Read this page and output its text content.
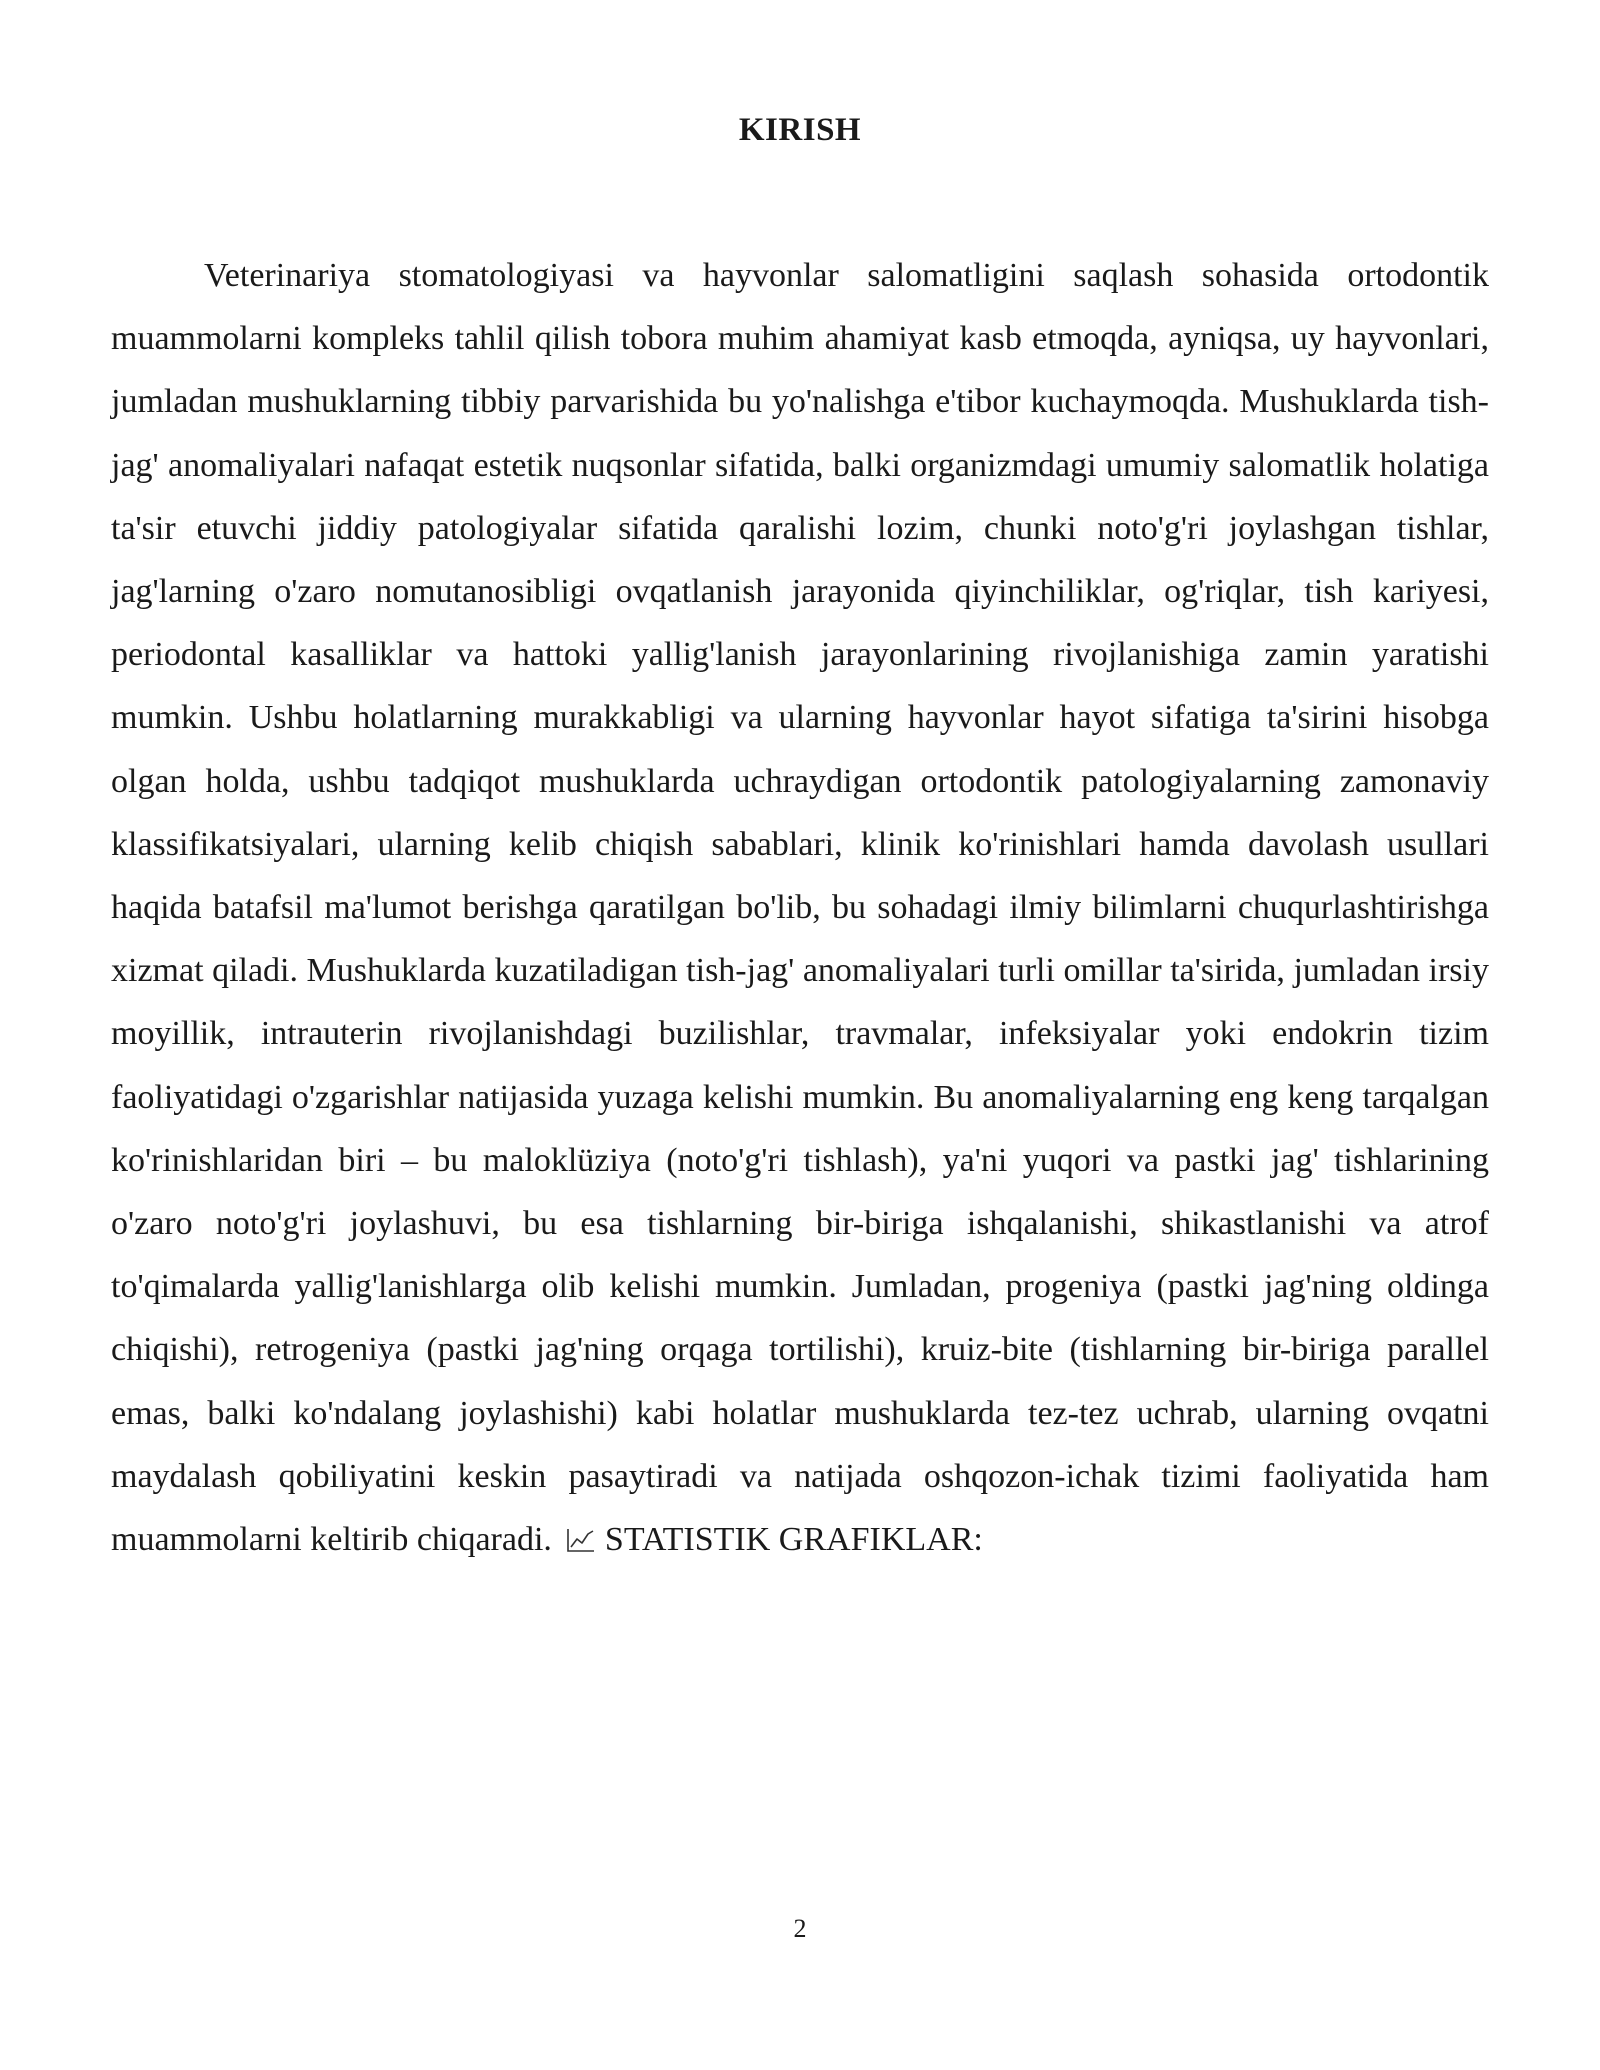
KIRISH

Veterinariya stomatologiyasi va hayvonlar salomatligini saqlash sohasida ortodontik muammolarni kompleks tahlil qilish tobora muhim ahamiyat kasb etmoqda, ayniqsa, uy hayvonlari, jumladan mushuklarning tibbiy parvarishida bu yo'nalishga e'tibor kuchaymoqda. Mushuklarda tish-jag' anomaliyalari nafaqat estetik nuqsonlar sifatida, balki organizmdagi umumiy salomatlik holatiga ta'sir etuvchi jiddiy patologiyalar sifatida qaralishi lozim, chunki noto'g'ri joylashgan tishlar, jag'larning o'zaro nomutanosibligi ovqatlanish jarayonida qiyinchiliklar, og'riqlar, tish kariyesi, periodontal kasalliklar va hattoki yallig'lanish jarayonlarining rivojlanishiga zamin yaratishi mumkin. Ushbu holatlarning murakkabligi va ularning hayvonlar hayot sifatiga ta'sirini hisobga olgan holda, ushbu tadqiqot mushuklarda uchraydigan ortodontik patologiyalarning zamonaviy klassifikatsiyalari, ularning kelib chiqish sabablari, klinik ko'rinishlari hamda davolash usullari haqida batafsil ma'lumot berishga qaratilgan bo'lib, bu sohadagi ilmiy bilimlarni chuqurlashtirishga xizmat qiladi. Mushuklarda kuzatiladigan tish-jag' anomaliyalari turli omillar ta'sirida, jumladan irsiy moyillik, intrauterin rivojlanishdagi buzilishlar, travmalar, infeksiyalar yoki endokrin tizim faoliyatidagi o'zgarishlar natijasida yuzaga kelishi mumkin. Bu anomaliyalarning eng keng tarqalgan ko'rinishlaridan biri – bu maloklüziya (noto'g'ri tishlash), ya'ni yuqori va pastki jag' tishlarining o'zaro noto'g'ri joylashuvi, bu esa tishlarning bir-biriga ishqalanishi, shikastlanishi va atrof to'qimalarda yallig'lanishlarga olib kelishi mumkin. Jumladan, progeniya (pastki jag'ning oldinga chiqishi), retrogeniya (pastki jag'ning orqaga tortilishi), kruiz-bite (tishlarning bir-biriga parallel emas, balki ko'ndalang joylashishi) kabi holatlar mushuklarda tez-tez uchrab, ularning ovqatni maydalash qobiliyatini keskin pasaytiradi va natijada oshqozon-ichak tizimi faoliyatida ham muammolarni keltirib chiqaradi. STATISTIK GRAFIKLAR:

2
